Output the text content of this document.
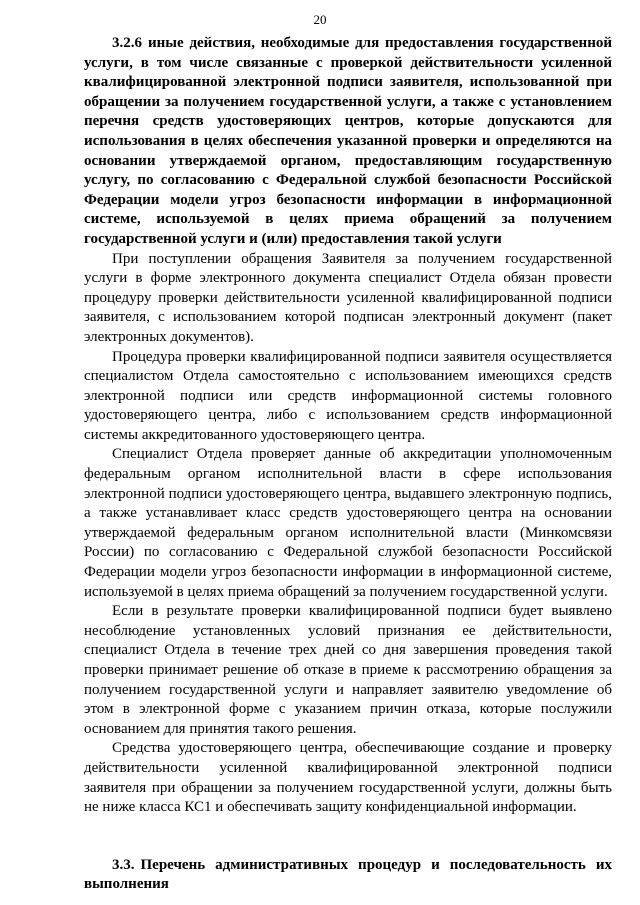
20

3.2.6 иные действия, необходимые для предоставления государственной услуги, в том числе связанные с проверкой действительности усиленной квалифицированной электронной подписи заявителя, использованной при обращении за получением государственной услуги, а также с установлением перечня средств удостоверяющих центров, которые допускаются для использования в целях обеспечения указанной проверки и определяются на основании утверждаемой органом, предоставляющим государственную услугу, по согласованию с Федеральной службой безопасности Российской Федерации модели угроз безопасности информации в информационной системе, используемой в целях приема обращений за получением государственной услуги и (или) предоставления такой услуги

При поступлении обращения Заявителя за получением государственной услуги в форме электронного документа специалист Отдела обязан провести процедуру проверки действительности усиленной квалифицированной подписи заявителя, с использованием которой подписан электронный документ (пакет электронных документов).

Процедура проверки квалифицированной подписи заявителя осуществляется специалистом Отдела самостоятельно с использованием имеющихся средств электронной подписи или средств информационной системы головного удостоверяющего центра, либо с использованием средств информационной системы аккредитованного удостоверяющего центра.

Специалист Отдела проверяет данные об аккредитации уполномоченным федеральным органом исполнительной власти в сфере использования электронной подписи удостоверяющего центра, выдавшего электронную подпись, а также устанавливает класс средств удостоверяющего центра на основании утверждаемой федеральным органом исполнительной власти (Минкомсвязи России) по согласованию с Федеральной службой безопасности Российской Федерации модели угроз безопасности информации в информационной системе, используемой в целях приема обращений за получением государственной услуги.

Если в результате проверки квалифицированной подписи будет выявлено несоблюдение установленных условий признания ее действительности, специалист Отдела в течение трех дней со дня завершения проведения такой проверки принимает решение об отказе в приеме к рассмотрению обращения за получением государственной услуги и направляет заявителю уведомление об этом в электронной форме с указанием причин отказа, которые послужили основанием для принятия такого решения.

Средства удостоверяющего центра, обеспечивающие создание и проверку действительности усиленной квалифицированной электронной подписи заявителя при обращении за получением государственной услуги, должны быть не ниже класса КС1 и обеспечивать защиту конфиденциальной информации.

3.3. Перечень административных процедур и последовательность их выполнения
